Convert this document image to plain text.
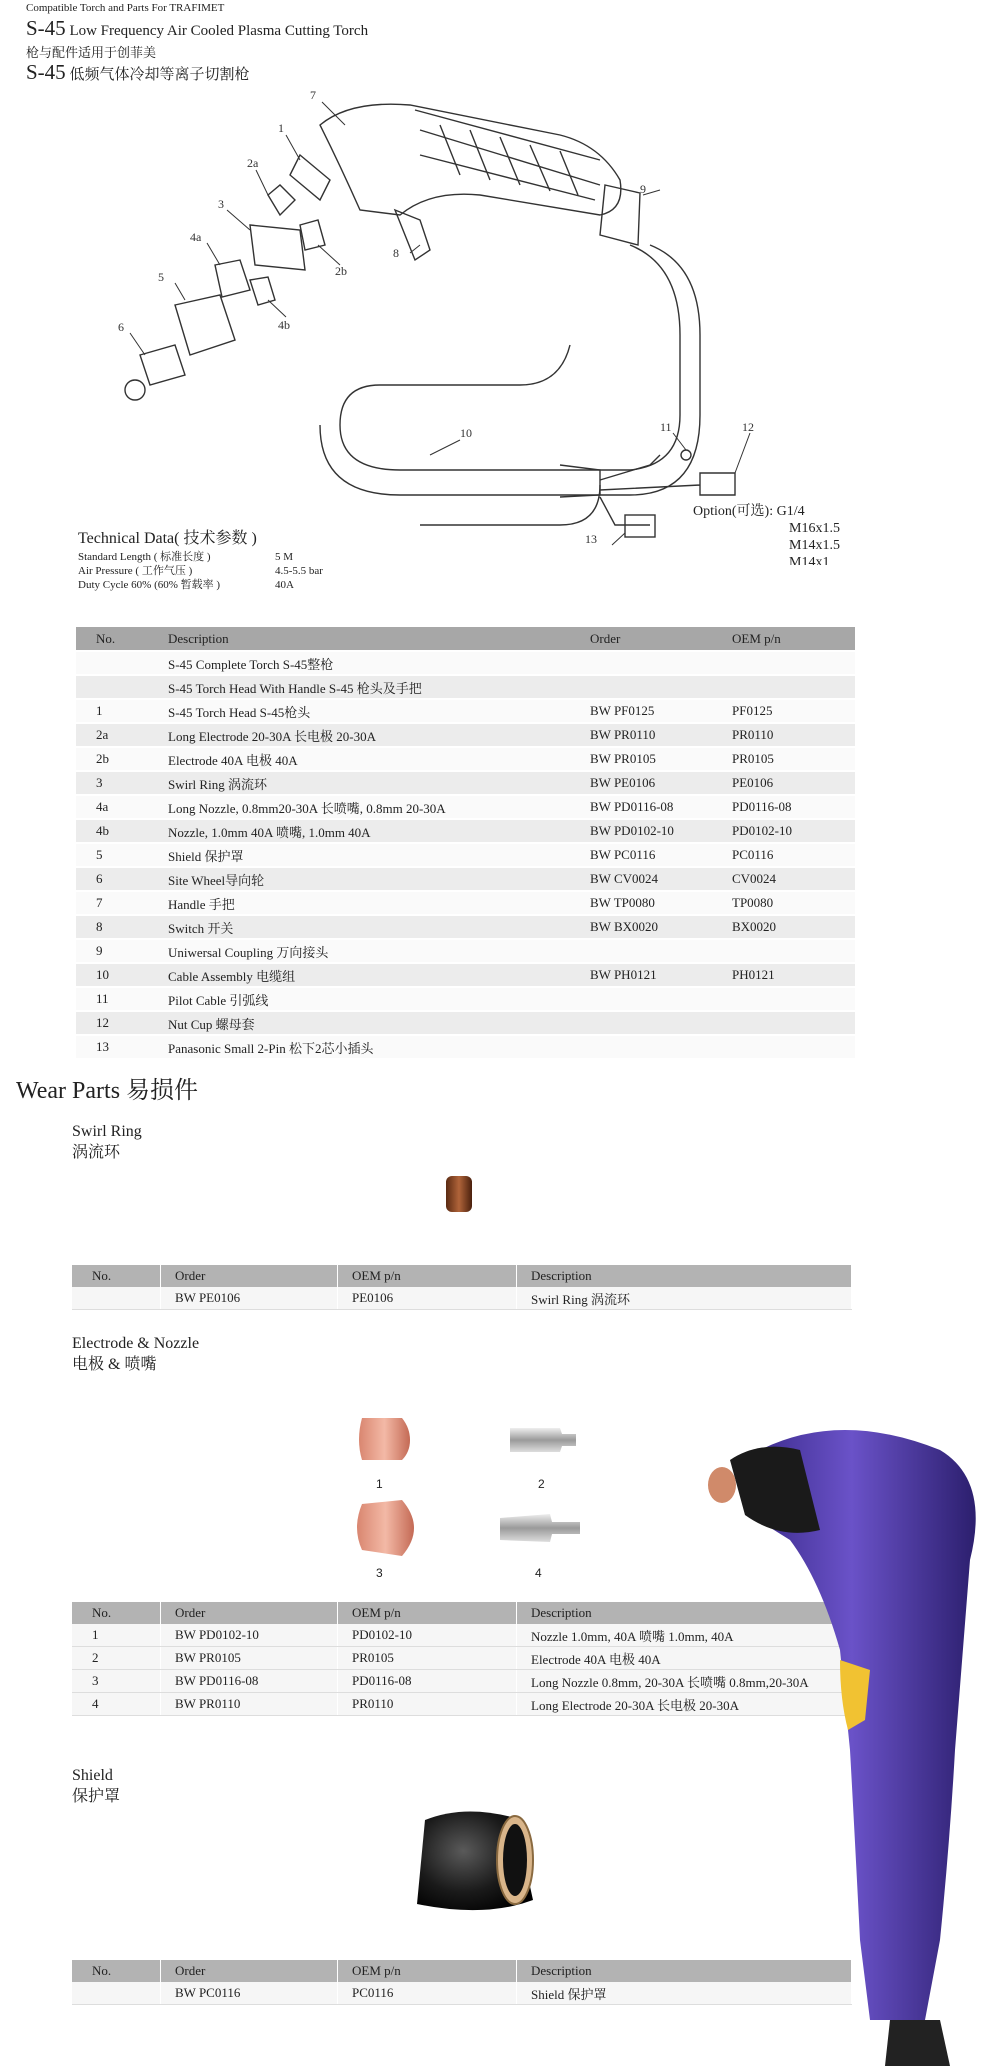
Compatible Torch and Parts For TRAFIMET
S-45 Low Frequency Air Cooled Plasma Cutting Torch
枪与配件适用于创菲美
S-45 低频气体冷却等离子切割枪
7
1
2a
3
2b
8
9
4a
5
4b
6
10	11	12
13
Option(可选): G1/4
M16x1.5
M14x1.5
M14x1
Technical Data( 技术参数 )
Standard Length ( 标准长度 )	5 M
Air Pressure ( 工作气压 )	4.5-5.5 bar
Duty Cycle 60% (60% 暂载率 )	40A
No.	Description	Order	OEM p/n
	S-45 Complete Torch S-45整枪		
	S-45 Torch Head With Handle S-45 枪头及手把		
1	S-45 Torch Head S-45枪头	BW PF0125	PF0125
2a	Long Electrode 20-30A 长电极 20-30A	BW PR0110	PR0110
2b	Electrode 40A 电极 40A	BW PR0105	PR0105
3	Swirl Ring 涡流环	BW PE0106	PE0106
4a	Long Nozzle, 0.8mm20-30A 长喷嘴, 0.8mm 20-30A	BW PD0116-08	PD0116-08
4b	Nozzle, 1.0mm 40A 喷嘴, 1.0mm 40A	BW PD0102-10	PD0102-10
5	Shield 保护罩	BW PC0116	PC0116
6	Site Wheel导向轮	BW CV0024	CV0024
7	Handle 手把	BW TP0080	TP0080
8	Switch 开关	BW BX0020	BX0020
9	Uniwersal Coupling 万向接头		
10	Cable Assembly 电缆组	BW PH0121	PH0121
11	Pilot Cable 引弧线		
12	Nut Cup 螺母套		
13	Panasonic Small 2-Pin 松下2芯小插头		
Wear Parts 易损件
Swirl Ring
涡流环
No.	Order	OEM p/n	Description
	BW PE0106	PE0106	Swirl Ring 涡流环
Electrode & Nozzle
电极 & 喷嘴
1	2
3	4
No.	Order	OEM p/n	Description
1	BW PD0102-10	PD0102-10	Nozzle 1.0mm, 40A 喷嘴 1.0mm, 40A
2	BW PR0105	PR0105	Electrode 40A 电极 40A
3	BW PD0116-08	PD0116-08	Long Nozzle 0.8mm, 20-30A 长喷嘴 0.8mm,20-30A
4	BW PR0110	PR0110	Long Electrode 20-30A 长电极 20-30A
Shield
保护罩
No.	Order	OEM p/n	Description
	BW PC0116	PC0116	Shield 保护罩
